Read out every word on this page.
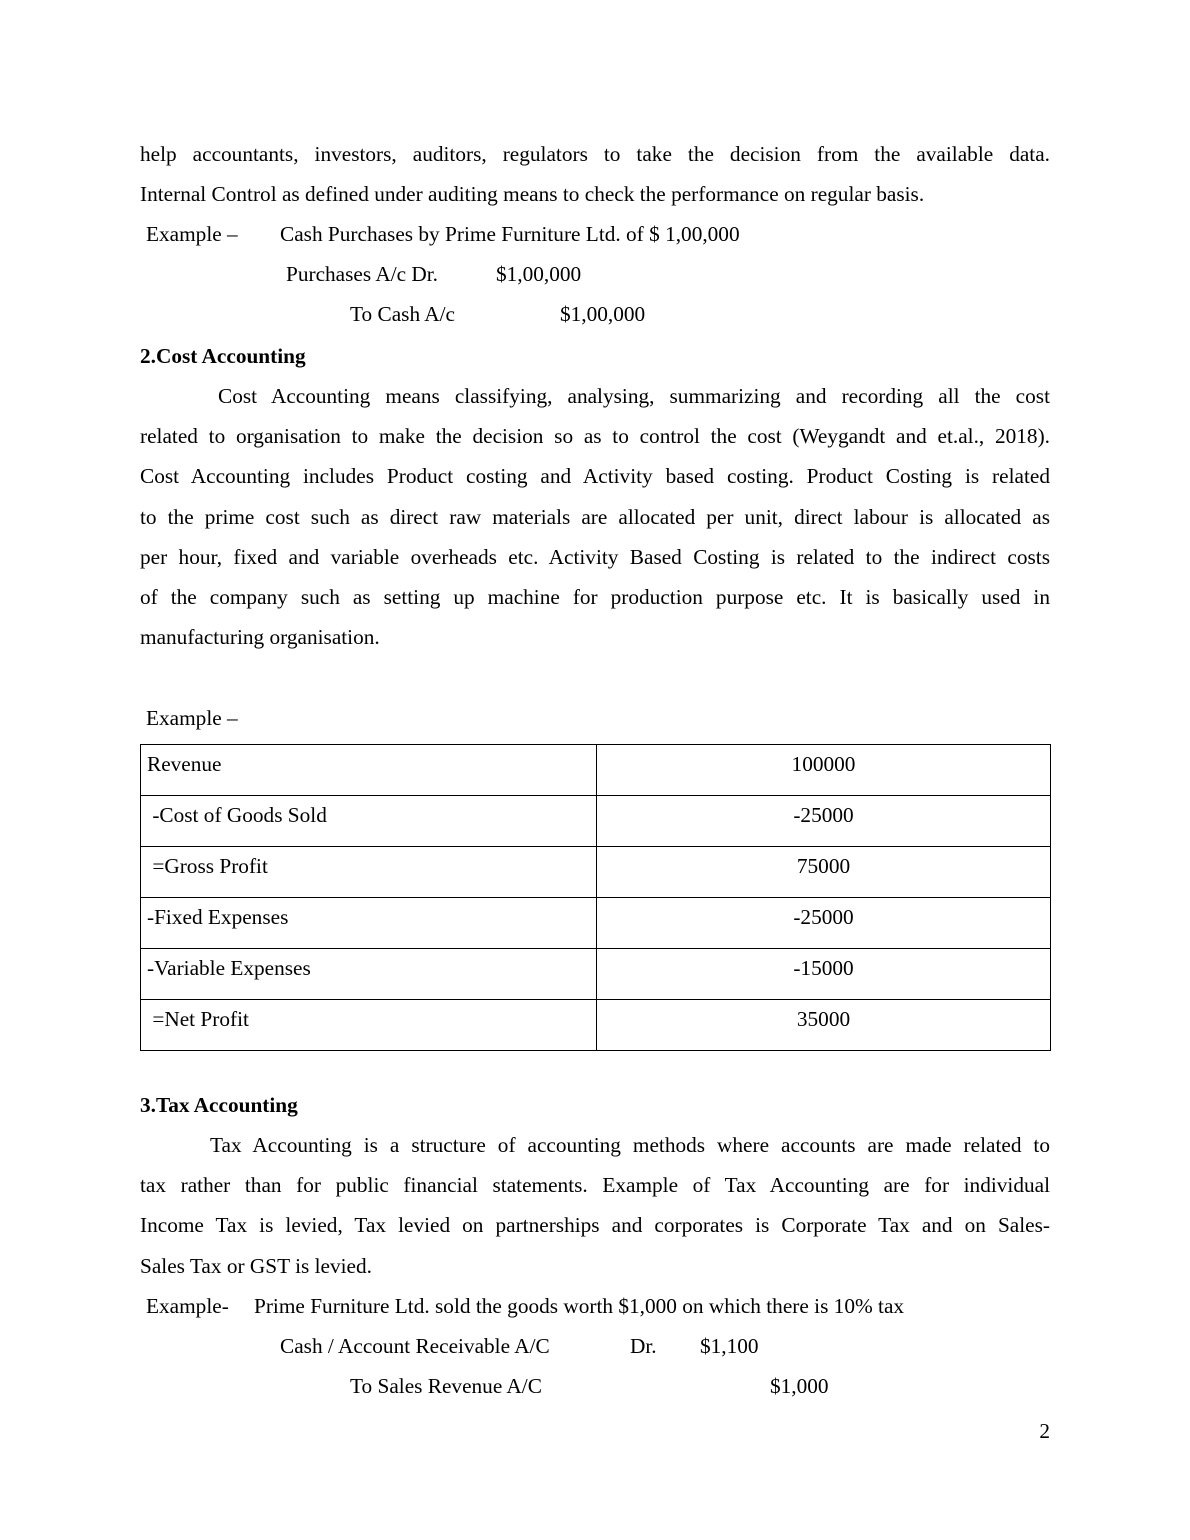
help accountants, investors, auditors, regulators to take the decision from the available data.
Internal Control as defined under auditing means to check the performance on regular basis.
Example – Cash Purchases by Prime Furniture Ltd. of $ 1,00,000
Purchases A/c Dr.	$1,00,000
To Cash A/c	$1,00,000
2.Cost Accounting
Cost Accounting means classifying, analysing, summarizing and recording all the cost
related to organisation to make the decision so as to control the cost (Weygandt and et.al., 2018).
Cost Accounting includes Product costing and Activity based costing. Product Costing is related
to the prime cost such as direct raw materials are allocated per unit, direct labour is allocated as
per hour, fixed and variable overheads etc. Activity Based Costing is related to the indirect costs
of the company such as setting up machine for production purpose etc. It is basically used in
manufacturing organisation.
Example –
Revenue	100000
-Cost of Goods Sold	-25000
=Gross Profit	75000
-Fixed Expenses	-25000
-Variable Expenses	-15000
=Net Profit	35000
3.Tax Accounting
Tax Accounting is a structure of accounting methods where accounts are made related to
tax rather than for public financial statements. Example of Tax Accounting are for individual
Income Tax is levied, Tax levied on partnerships and corporates is Corporate Tax and on Sales-
Sales Tax or GST is levied.
Example- Prime Furniture Ltd. sold the goods worth $1,000 on which there is 10% tax
Cash / Account Receivable A/C	Dr. $1,100
To Sales Revenue A/C	$1,000
2
